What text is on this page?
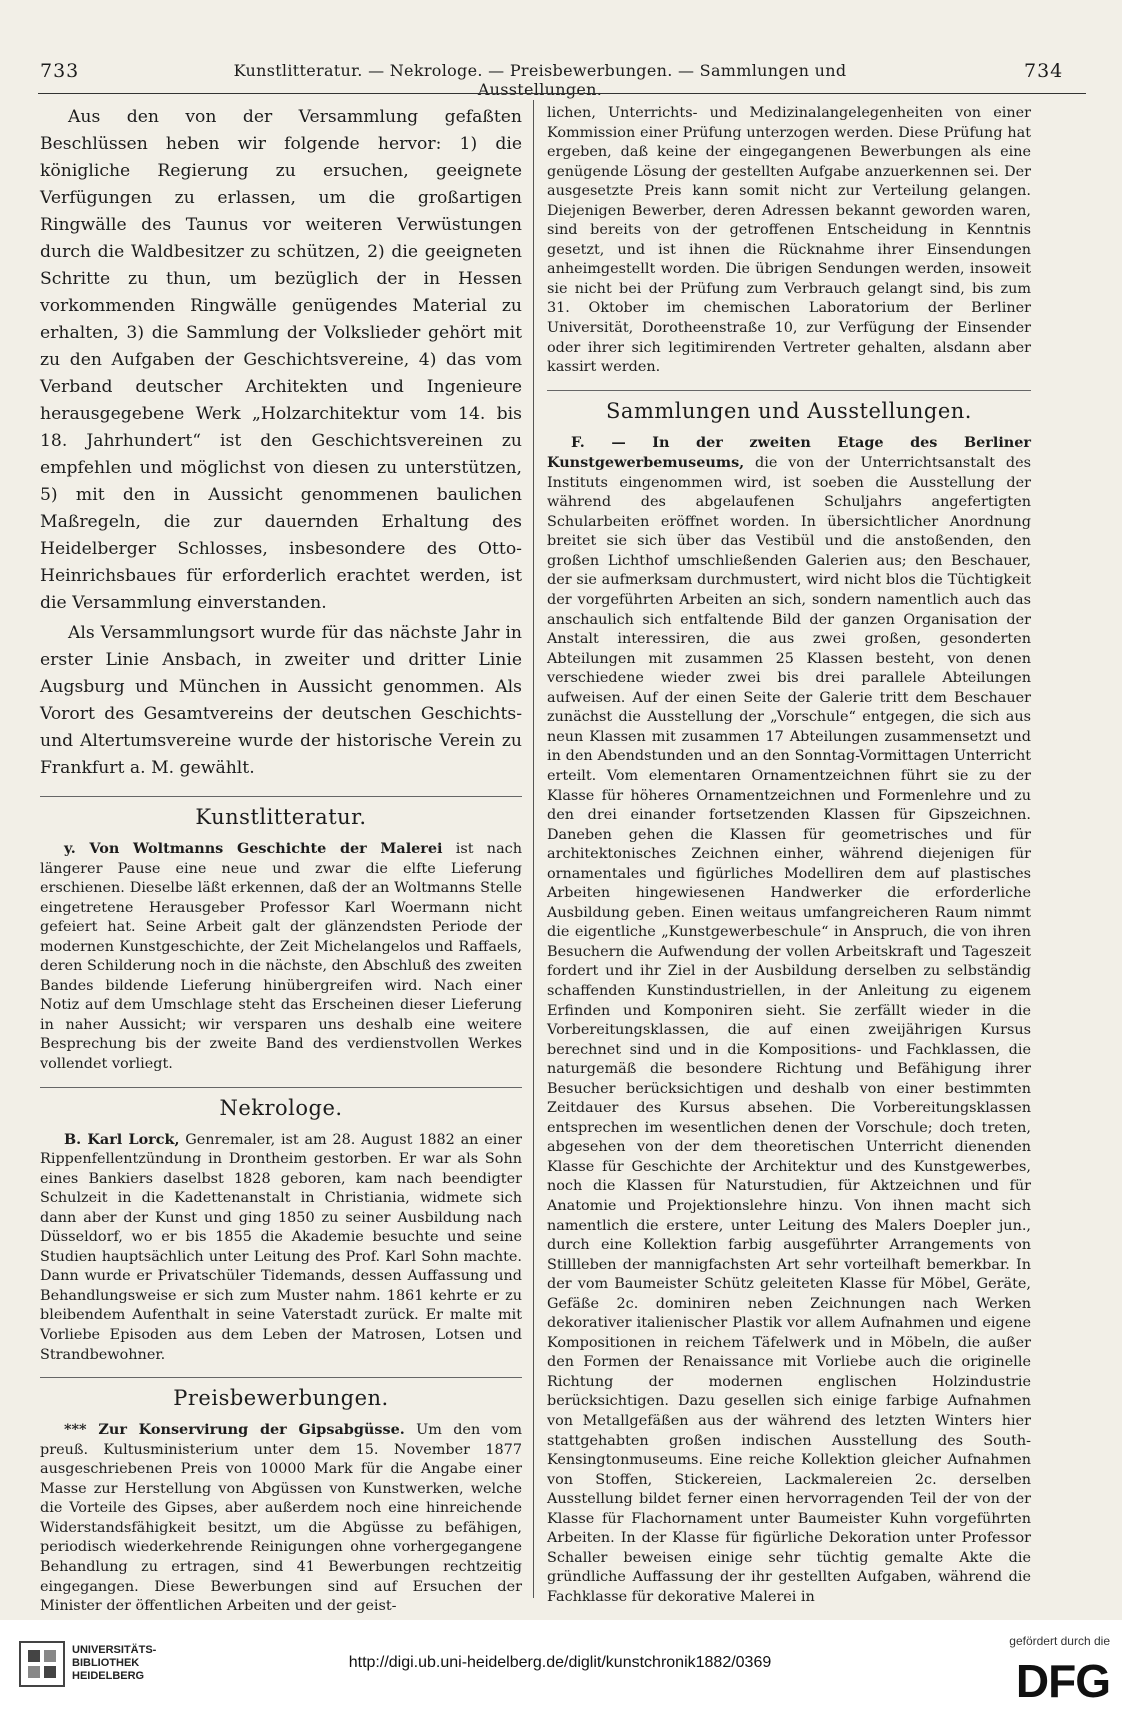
733	Kunstlitteratur. — Nekrologe. — Preisbewerbungen. — Sammlungen und Ausstellungen.
734

Aus den von der Versammlung gefaßten Beschlüssen heben wir folgende hervor: 1) die königliche Regierung zu ersuchen, geeignete Verfügungen zu erlassen, um die großartigen Ringwälle des Taunus vor weiteren Verwüstungen durch die Waldbesitzer zu schützen, 2) die geeigneten Schritte zu thun, um bezüglich der in Hessen vorkommenden Ringwälle genügendes Material zu erhalten, 3) die Sammlung der Volkslieder gehört mit zu den Aufgaben der Geschichtsvereine, 4) das vom Verband deutscher Architekten und Ingenieure herausgegebene Werk „Holzarchitektur vom 14. bis 18. Jahrhundert“ ist den Geschichtsvereinen zu empfehlen und möglichst von diesen zu unterstützen, 5) mit den in Aussicht genommenen baulichen Maßregeln, die zur dauernden Erhaltung des Heidelberger Schlosses, insbesondere des Otto-Heinrichsbaues für erforderlich erachtet werden, ist die Versammlung einverstanden.

Als Versammlungsort wurde für das nächste Jahr in erster Linie Ansbach, in zweiter und dritter Linie Augsburg und München in Aussicht genommen. Als Vorort des Gesamtvereins der deutschen Geschichts- und Altertumsvereine wurde der historische Verein zu Frankfurt a. M. gewählt.

Kunstlitteratur.

y. Von Woltmanns Geschichte der Malerei ist nach längerer Pause eine neue und zwar die elfte Lieferung erschienen. Dieselbe läßt erkennen, daß der an Woltmanns Stelle eingetretene Herausgeber Professor Karl Woermann nicht gefeiert hat. Seine Arbeit galt der glänzendsten Periode der modernen Kunstgeschichte, der Zeit Michelangelos und Raffaels, deren Schilderung noch in die nächste, den Abschluß des zweiten Bandes bildende Lieferung hinübergreifen wird. Nach einer Notiz auf dem Umschlage steht das Erscheinen dieser Lieferung in naher Aussicht; wir versparen uns deshalb eine weitere Besprechung bis der zweite Band des verdienstvollen Werkes vollendet vorliegt.

Nekrologe.

B. Karl Lorck, Genremaler, ist am 28. August 1882 an einer Rippenfellentzündung in Drontheim gestorben. Er war als Sohn eines Bankiers daselbst 1828 geboren, kam nach beendigter Schulzeit in die Kadettenanstalt in Christiania, widmete sich dann aber der Kunst und ging 1850 zu seiner Ausbildung nach Düsseldorf, wo er bis 1855 die Akademie besuchte und seine Studien hauptsächlich unter Leitung des Prof. Karl Sohn machte. Dann wurde er Privatschüler Tidemands, dessen Auffassung und Behandlungsweise er sich zum Muster nahm. 1861 kehrte er zu bleibendem Aufenthalt in seine Vaterstadt zurück. Er malte mit Vorliebe Episoden aus dem Leben der Matrosen, Lotsen und Strandbewohner.

Preisbewerbungen.

*** Zur Konservirung der Gipsabgüsse. Um den vom preuß. Kultusministerium unter dem 15. November 1877 ausgeschriebenen Preis von 10000 Mark für die Angabe einer Masse zur Herstellung von Abgüssen von Kunstwerken, welche die Vorteile des Gipses, aber außerdem noch eine hinreichende Widerstandsfähigkeit besitzt, um die Abgüsse zu befähigen, periodisch wiederkehrende Reinigungen ohne vorhergegangene Behandlung zu ertragen, sind 41 Bewerbungen rechtzeitig eingegangen. Diese Bewerbungen sind auf Ersuchen der Minister der öffentlichen Arbeiten und der geist-

lichen, Unterrichts- und Medizinalangelegenheiten von einer Kommission einer Prüfung unterzogen werden. Diese Prüfung hat ergeben, daß keine der eingegangenen Bewerbungen als eine genügende Lösung der gestellten Aufgabe anzuerkennen sei. Der ausgesetzte Preis kann somit nicht zur Verteilung gelangen. Diejenigen Bewerber, deren Adressen bekannt geworden waren, sind bereits von der getroffenen Entscheidung in Kenntnis gesetzt, und ist ihnen die Rücknahme ihrer Einsendungen anheimgestellt worden. Die übrigen Sendungen werden, insoweit sie nicht bei der Prüfung zum Verbrauch gelangt sind, bis zum 31. Oktober im chemischen Laboratorium der Berliner Universität, Dorotheenstraße 10, zur Verfügung der Einsender oder ihrer sich legitimirenden Vertreter gehalten, alsdann aber kassirt werden.

Sammlungen und Ausstellungen.

F. — In der zweiten Etage des Berliner Kunstgewerbemuseums, die von der Unterrichtsanstalt des Instituts eingenommen wird, ist soeben die Ausstellung der während des abgelaufenen Schuljahrs angefertigten Schularbeiten eröffnet worden. In übersichtlicher Anordnung breitet sie sich über das Vestibül und die anstoßenden, den großen Lichthof umschließenden Galerien aus; den Beschauer, der sie aufmerksam durchmustert, wird nicht blos die Tüchtigkeit der vorgeführten Arbeiten an sich, sondern namentlich auch das anschaulich sich entfaltende Bild der ganzen Organisation der Anstalt interessiren, die aus zwei großen, gesonderten Abteilungen mit zusammen 25 Klassen besteht, von denen verschiedene wieder zwei bis drei parallele Abteilungen aufweisen. Auf der einen Seite der Galerie tritt dem Beschauer zunächst die Ausstellung der „Vorschule“ entgegen, die sich aus neun Klassen mit zusammen 17 Abteilungen zusammensetzt und in den Abendstunden und an den Sonntag-Vormittagen Unterricht erteilt. Vom elementaren Ornamentzeichnen führt sie zu der Klasse für höheres Ornamentzeichnen und Formenlehre und zu den drei einander fortsetzenden Klassen für Gipszeichnen. Daneben gehen die Klassen für geometrisches und für architektonisches Zeichnen einher, während diejenigen für ornamentales und figürliches Modelliren dem auf plastisches Arbeiten hingewiesenen Handwerker die erforderliche Ausbildung geben. Einen weitaus umfangreicheren Raum nimmt die eigentliche „Kunstgewerbeschule“ in Anspruch, die von ihren Besuchern die Aufwendung der vollen Arbeitskraft und Tageszeit fordert und ihr Ziel in der Ausbildung derselben zu selbständig schaffenden Kunstindustriellen, in der Anleitung zu eigenem Erfinden und Komponiren sieht. Sie zerfällt wieder in die Vorbereitungsklassen, die auf einen zweijährigen Kursus berechnet sind und in die Kompositions- und Fachklassen, die naturgemäß die besondere Richtung und Befähigung ihrer Besucher berücksichtigen und deshalb von einer bestimmten Zeitdauer des Kursus absehen. Die Vorbereitungsklassen entsprechen im wesentlichen denen der Vorschule; doch treten, abgesehen von der dem theoretischen Unterricht dienenden Klasse für Geschichte der Architektur und des Kunstgewerbes, noch die Klassen für Naturstudien, für Aktzeichnen und für Anatomie und Projektionslehre hinzu. Von ihnen macht sich namentlich die erstere, unter Leitung des Malers Doepler jun., durch eine Kollektion farbig ausgeführter Arrangements von Stillleben der mannigfachsten Art sehr vorteilhaft bemerkbar. In der vom Baumeister Schütz geleiteten Klasse für Möbel, Geräte, Gefäße 2c. dominiren neben Zeichnungen nach Werken dekorativer italienischer Plastik vor allem Aufnahmen und eigene Kompositionen in reichem Täfelwerk und in Möbeln, die außer den Formen der Renaissance mit Vorliebe auch die originelle Richtung der modernen englischen Holzindustrie berücksichtigen. Dazu gesellen sich einige farbige Aufnahmen von Metallgefäßen aus der während des letzten Winters hier stattgehabten großen indischen Ausstellung des South-Kensingtonmuseums. Eine reiche Kollektion gleicher Aufnahmen von Stoffen, Stickereien, Lackmalereien 2c. derselben Ausstellung bildet ferner einen hervorragenden Teil der von der Klasse für Flachornament unter Baumeister Kuhn vorgeführten Arbeiten. In der Klasse für figürliche Dekoration unter Professor Schaller beweisen einige sehr tüchtig gemalte Akte die gründliche Auffassung der ihr gestellten Aufgaben, während die Fachklasse für dekorative Malerei in

UNIVERSITÄTS-
BIBLIOTHEK
HEIDELBERG
http://digi.ub.uni-heidelberg.de/diglit/kunstchronik1882/0369
gefördert durch die
DFG
